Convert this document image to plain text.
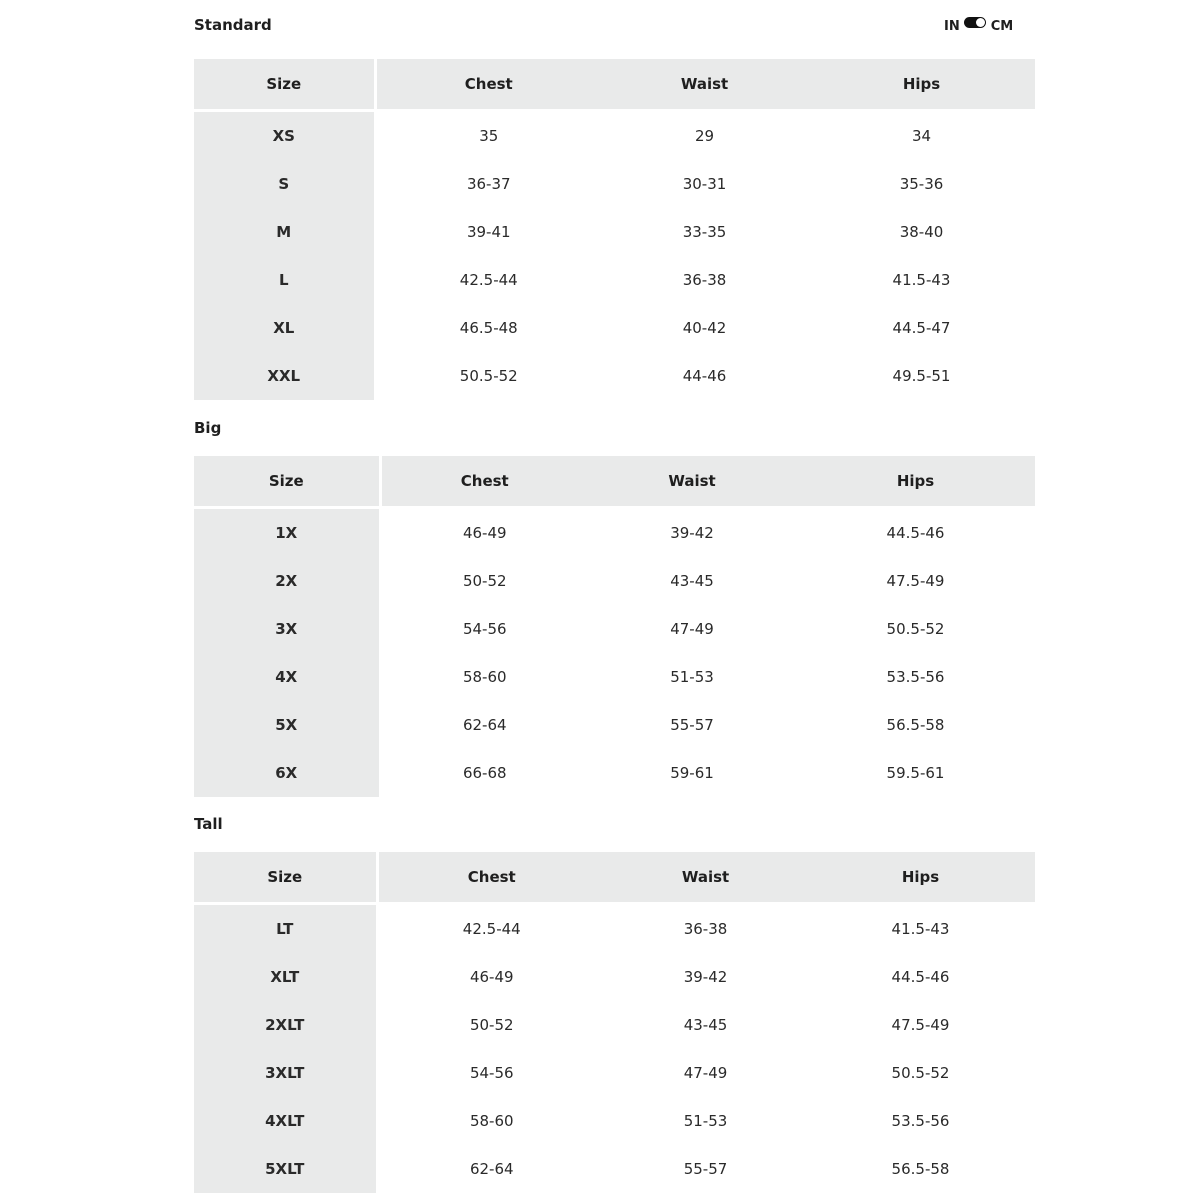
Standard	IN CM
Size	Chest	Waist	Hips
XS	35	29	34
S	36-37	30-31	35-36
M	39-41	33-35	38-40
L	42.5-44	36-38	41.5-43
XL	46.5-48	40-42	44.5-47
XXL	50.5-52	44-46	49.5-51
Big
Size	Chest	Waist	Hips
1X	46-49	39-42	44.5-46
2X	50-52	43-45	47.5-49
3X	54-56	47-49	50.5-52
4X	58-60	51-53	53.5-56
5X	62-64	55-57	56.5-58
6X	66-68	59-61	59.5-61
Tall
Size	Chest	Waist	Hips
LT	42.5-44	36-38	41.5-43
XLT	46-49	39-42	44.5-46
2XLT	50-52	43-45	47.5-49
3XLT	54-56	47-49	50.5-52
4XLT	58-60	51-53	53.5-56
5XLT	62-64	55-57	56.5-58
